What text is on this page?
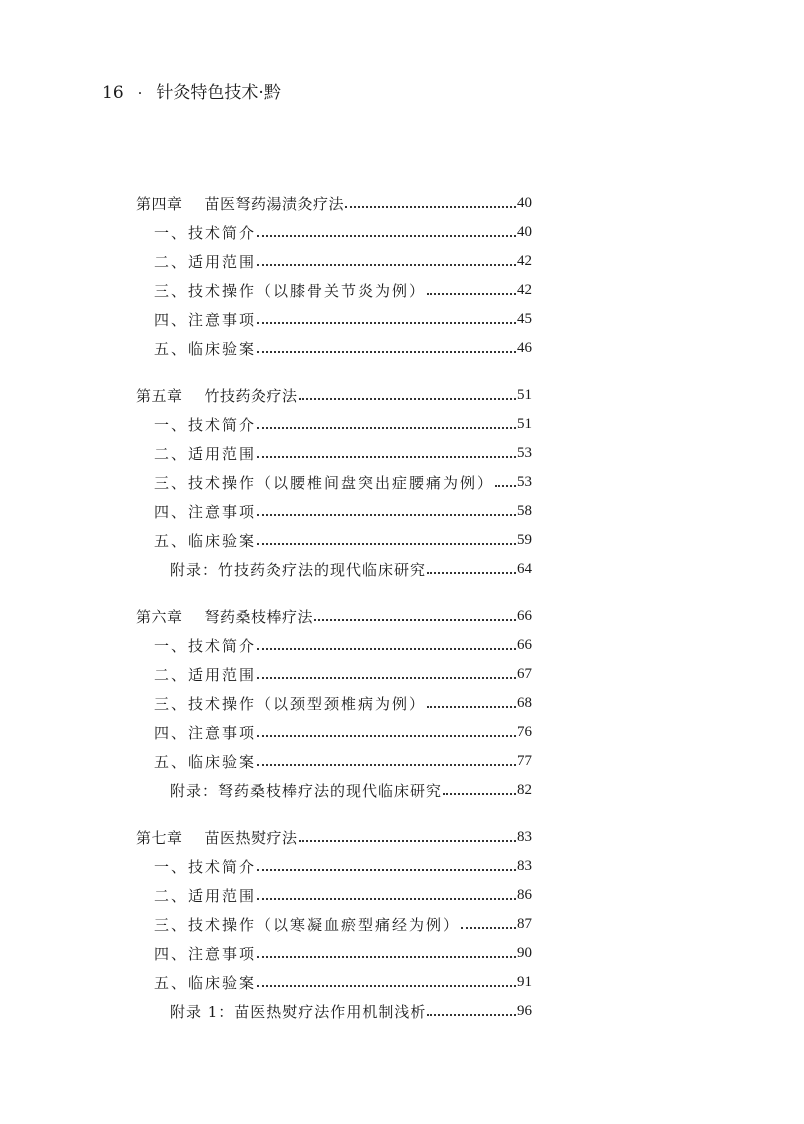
16 · 针灸特色技术·黔
第四章 苗医弩药湯渍灸疗法	40
一、技术简介	40
二、适用范围	42
三、技术操作（以膝骨关节炎为例）	42
四、注意事项	45
五、临床验案	46
第五章 竹技药灸疗法	51
一、技术简介	51
二、适用范围	53
三、技术操作（以腰椎间盘突出症腰痛为例） 53
四、注意事项	58
五、临床验案	59
附录：竹技药灸疗法的现代临床研究	64
第六章 弩药桑枝棒疗法	66
一、技术简介	66
二、适用范围	67
三、技术操作（以颈型颈椎病为例）	68
四、注意事项	76
五、临床验案	77
附录：弩药桑枝棒疗法的现代临床研究	82
第七章 苗医热熨疗法	83
一、技术简介	83
二、适用范围	86
三、技术操作（以寒凝血瘀型痛经为例）	87
四、注意事项	90
五、临床验案	91
附录 1：苗医热熨疗法作用机制浅析	96
